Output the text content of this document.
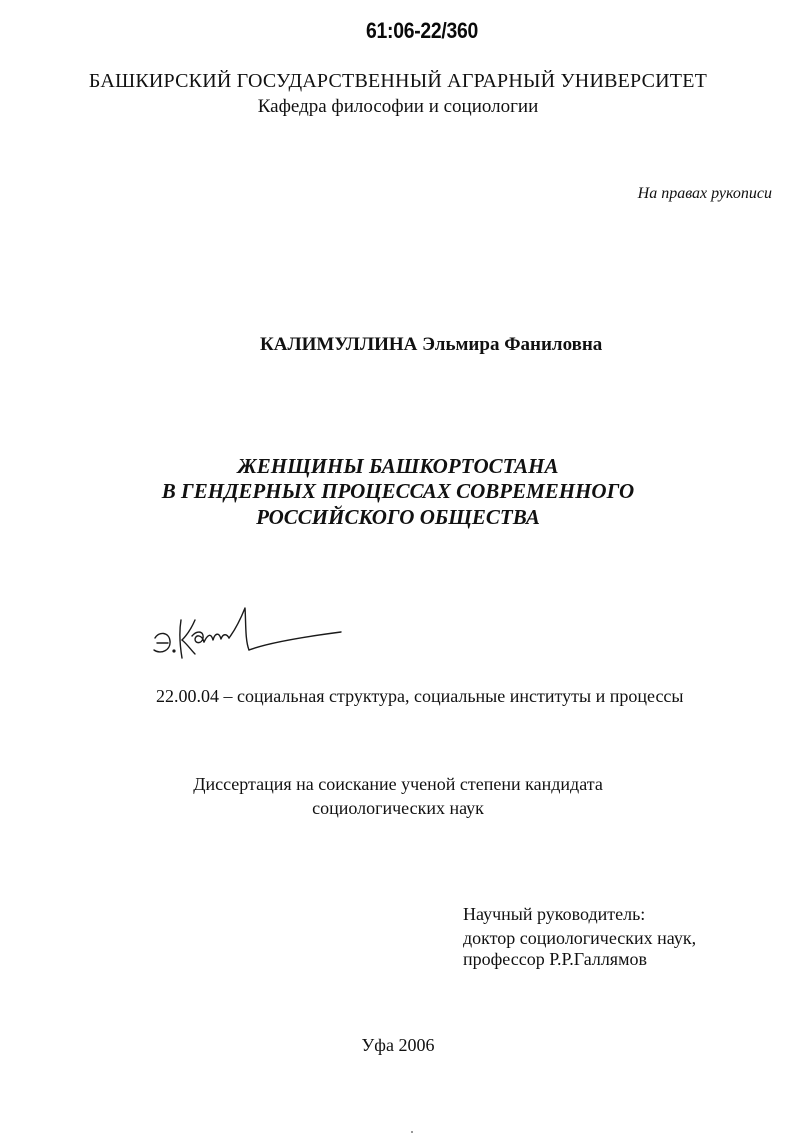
61:06-22/360
БАШКИРСКИЙ ГОСУДАРСТВЕННЫЙ АГРАРНЫЙ УНИВЕРСИТЕТ
Кафедра философии и социологии
На правах рукописи
КАЛИМУЛЛИНА Эльмира Фаниловна
ЖЕНЩИНЫ БАШКОРТОСТАНА
В ГЕНДЕРНЫХ ПРОЦЕССАХ СОВРЕМЕННОГО
РОССИЙСКОГО ОБЩЕСТВА
22.00.04 – социальная структура, социальные институты и процессы
Диссертация на соискание ученой степени кандидата
социологических наук
Научный руководитель:
доктор социологических наук,
профессор Р.Р.Галлямов
Уфа 2006
